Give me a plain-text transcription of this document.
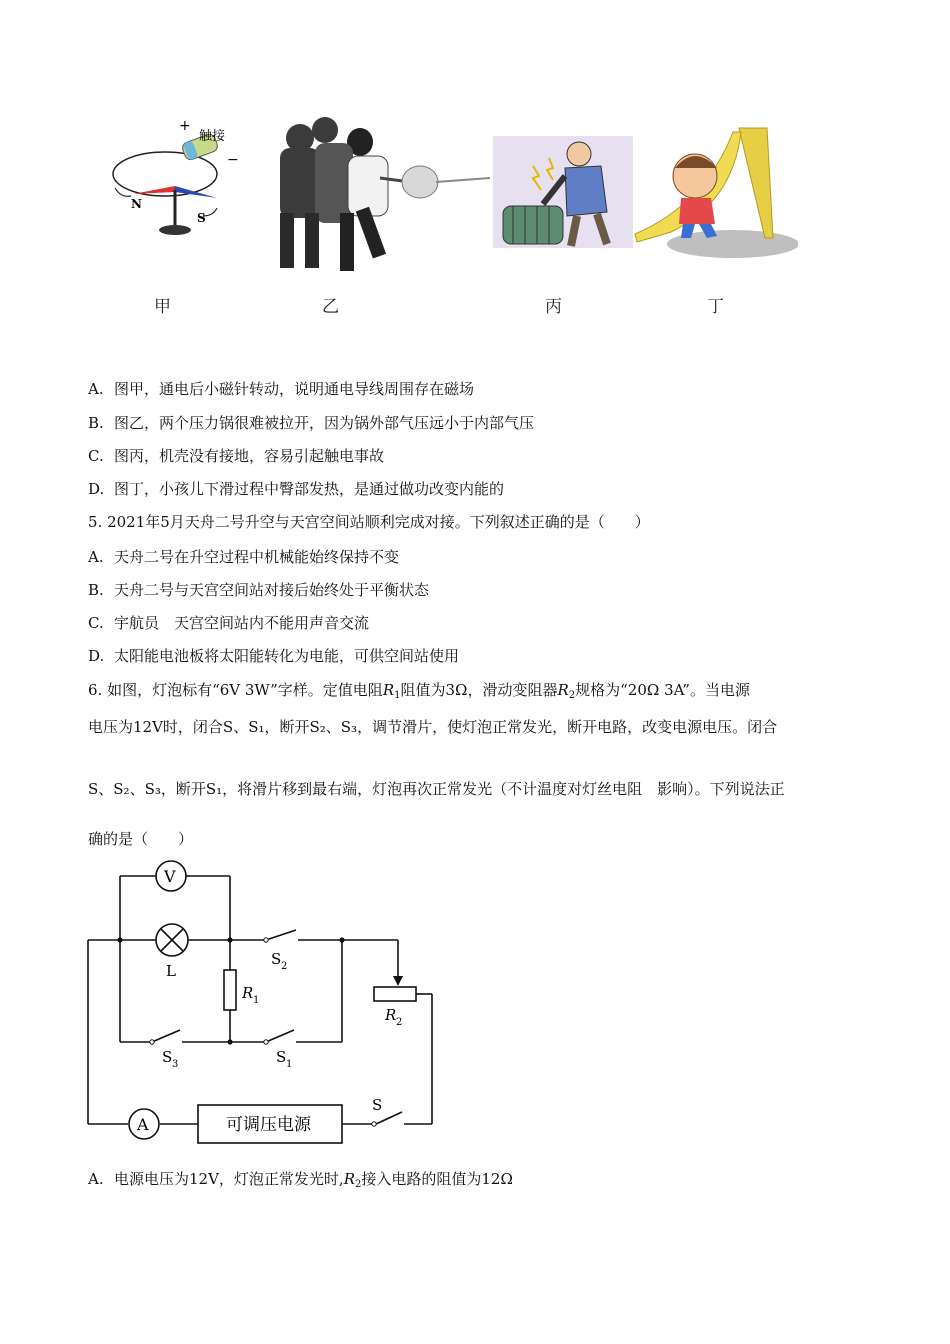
+
触接
−
N
S
甲	乙	丙	丁
A. 图甲，通电后小磁针转动，说明通电导线周围存在磁场
B. 图乙，两个压力锅很难被拉开，因为锅外部气压远小于内部气压
C. 图丙，机壳没有接地，容易引起触电事故
D. 图丁，小孩儿下滑过程中臀部发热，是通过做功改变内能的
5. 2021年5月天舟二号升空与天宫空间站顺利完成对接。下列叙述正确的是（　　）
A. 天舟二号在升空过程中机械能始终保持不变
B. 天舟二号与天宫空间站对接后始终处于平衡状态
C. 宇航员　天宫空间站内不能用声音交流
D. 太阳能电池板将太阳能转化为电能，可供空间站使用
6. 如图，灯泡标有“6V 3W”字样。定值电阻$R_1$阻值为3Ω，滑动变阻器$R_2$规格为“20Ω 3A”。当电源
电压为12V时，闭合S、S₁，断开S₂、S₃，调节滑片，使灯泡正常发光，断开电路，改变电源电压。闭合
S、S₂、S₃，断开S₁，将滑片移到最右端，灯泡再次正常发光（不计温度对灯丝电阻　影响）。下列说法正
确的是（　　）
V
L
R 1
R 2
S 2
S 3	S 1
S
A	可调压电源
A. 电源电压为12V，灯泡正常发光时$,R_2$接入电路的阻值为12Ω
